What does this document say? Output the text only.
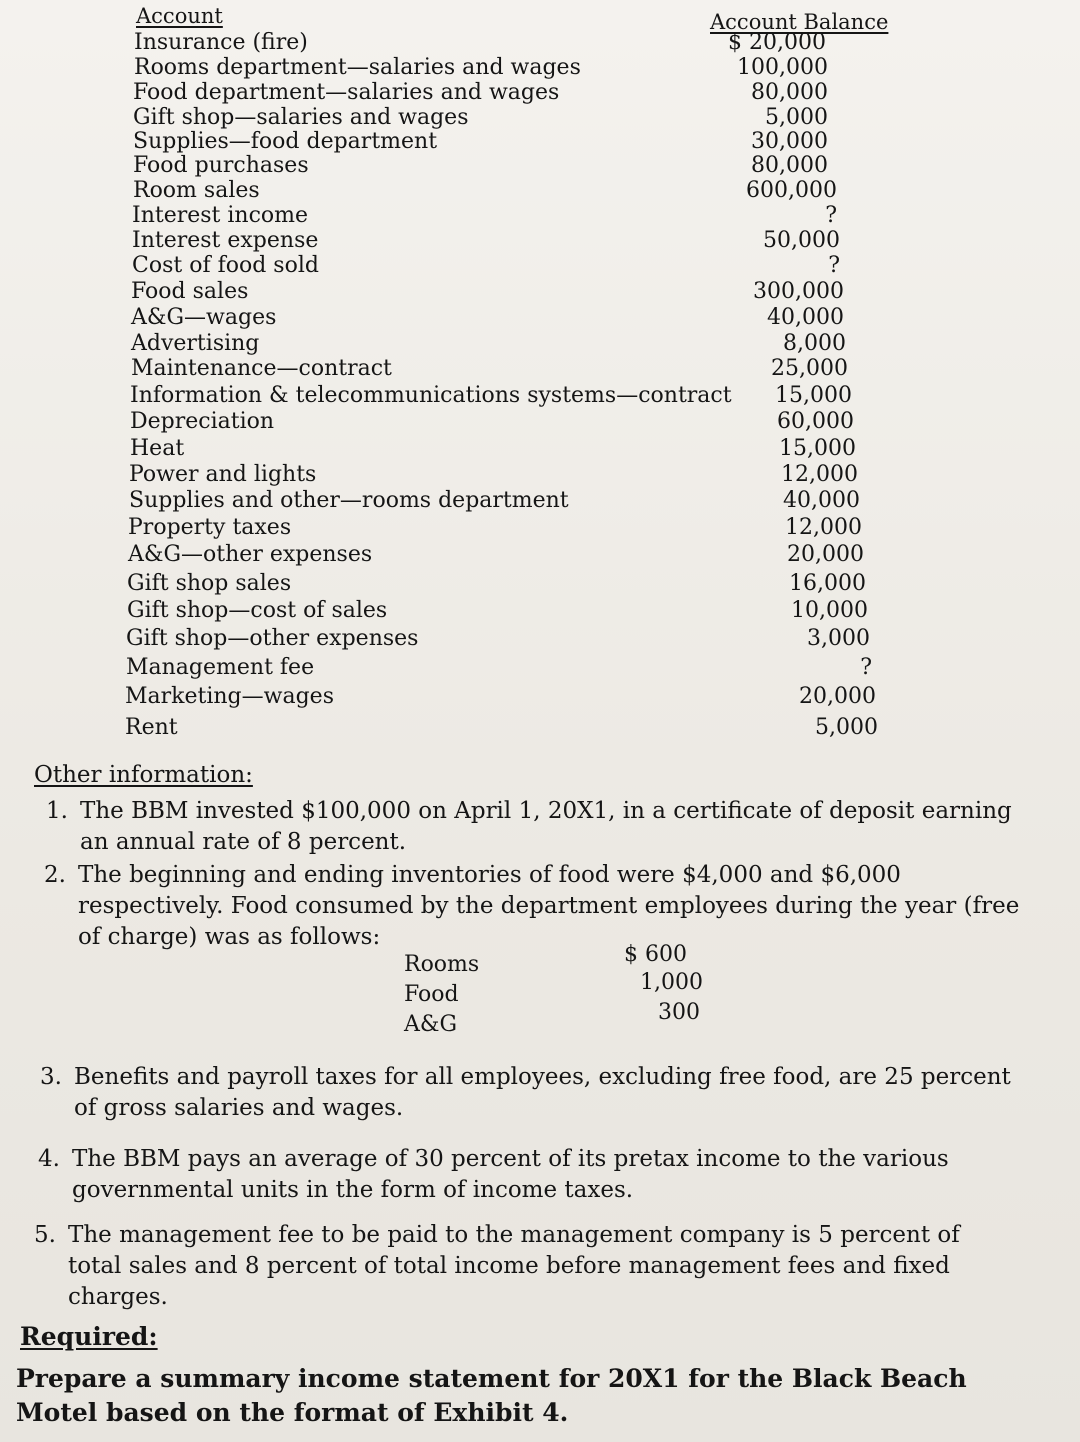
Account	Account Balance
Insurance (fire)	$ 20,000
Rooms department—salaries and wages	100,000
Food department—salaries and wages	80,000
Gift shop—salaries and wages	5,000
Supplies—food department	30,000
Food purchases	80,000
Room sales	600,000
Interest income	?
Interest expense	50,000
Cost of food sold	?
Food sales	300,000
A&G—wages	40,000
Advertising	8,000
Maintenance—contract	25,000
Information & telecommunications systems—contract	15,000
Depreciation	60,000
Heat	15,000
Power and lights	12,000
Supplies and other—rooms department	40,000
Property taxes	12,000
A&G—other expenses	20,000
Gift shop sales	16,000
Gift shop—cost of sales	10,000
Gift shop—other expenses	3,000
Management fee	?
Marketing—wages	20,000
Rent	5,000
Other information:
1. The BBM invested $100,000 on April 1, 20X1, in a certificate of deposit earning an annual rate of 8 percent.
2. The beginning and ending inventories of food were $4,000 and $6,000 respectively. Food consumed by the department employees during the year (free of charge) was as follows:
Rooms	$ 600
Food	1,000
A&G	300
3. Benefits and payroll taxes for all employees, excluding free food, are 25 percent of gross salaries and wages.
4. The BBM pays an average of 30 percent of its pretax income to the various governmental units in the form of income taxes.
5. The management fee to be paid to the management company is 5 percent of total sales and 8 percent of total income before management fees and fixed charges.
Required:
Prepare a summary income statement for 20X1 for the Black Beach Motel based on the format of Exhibit 4.
